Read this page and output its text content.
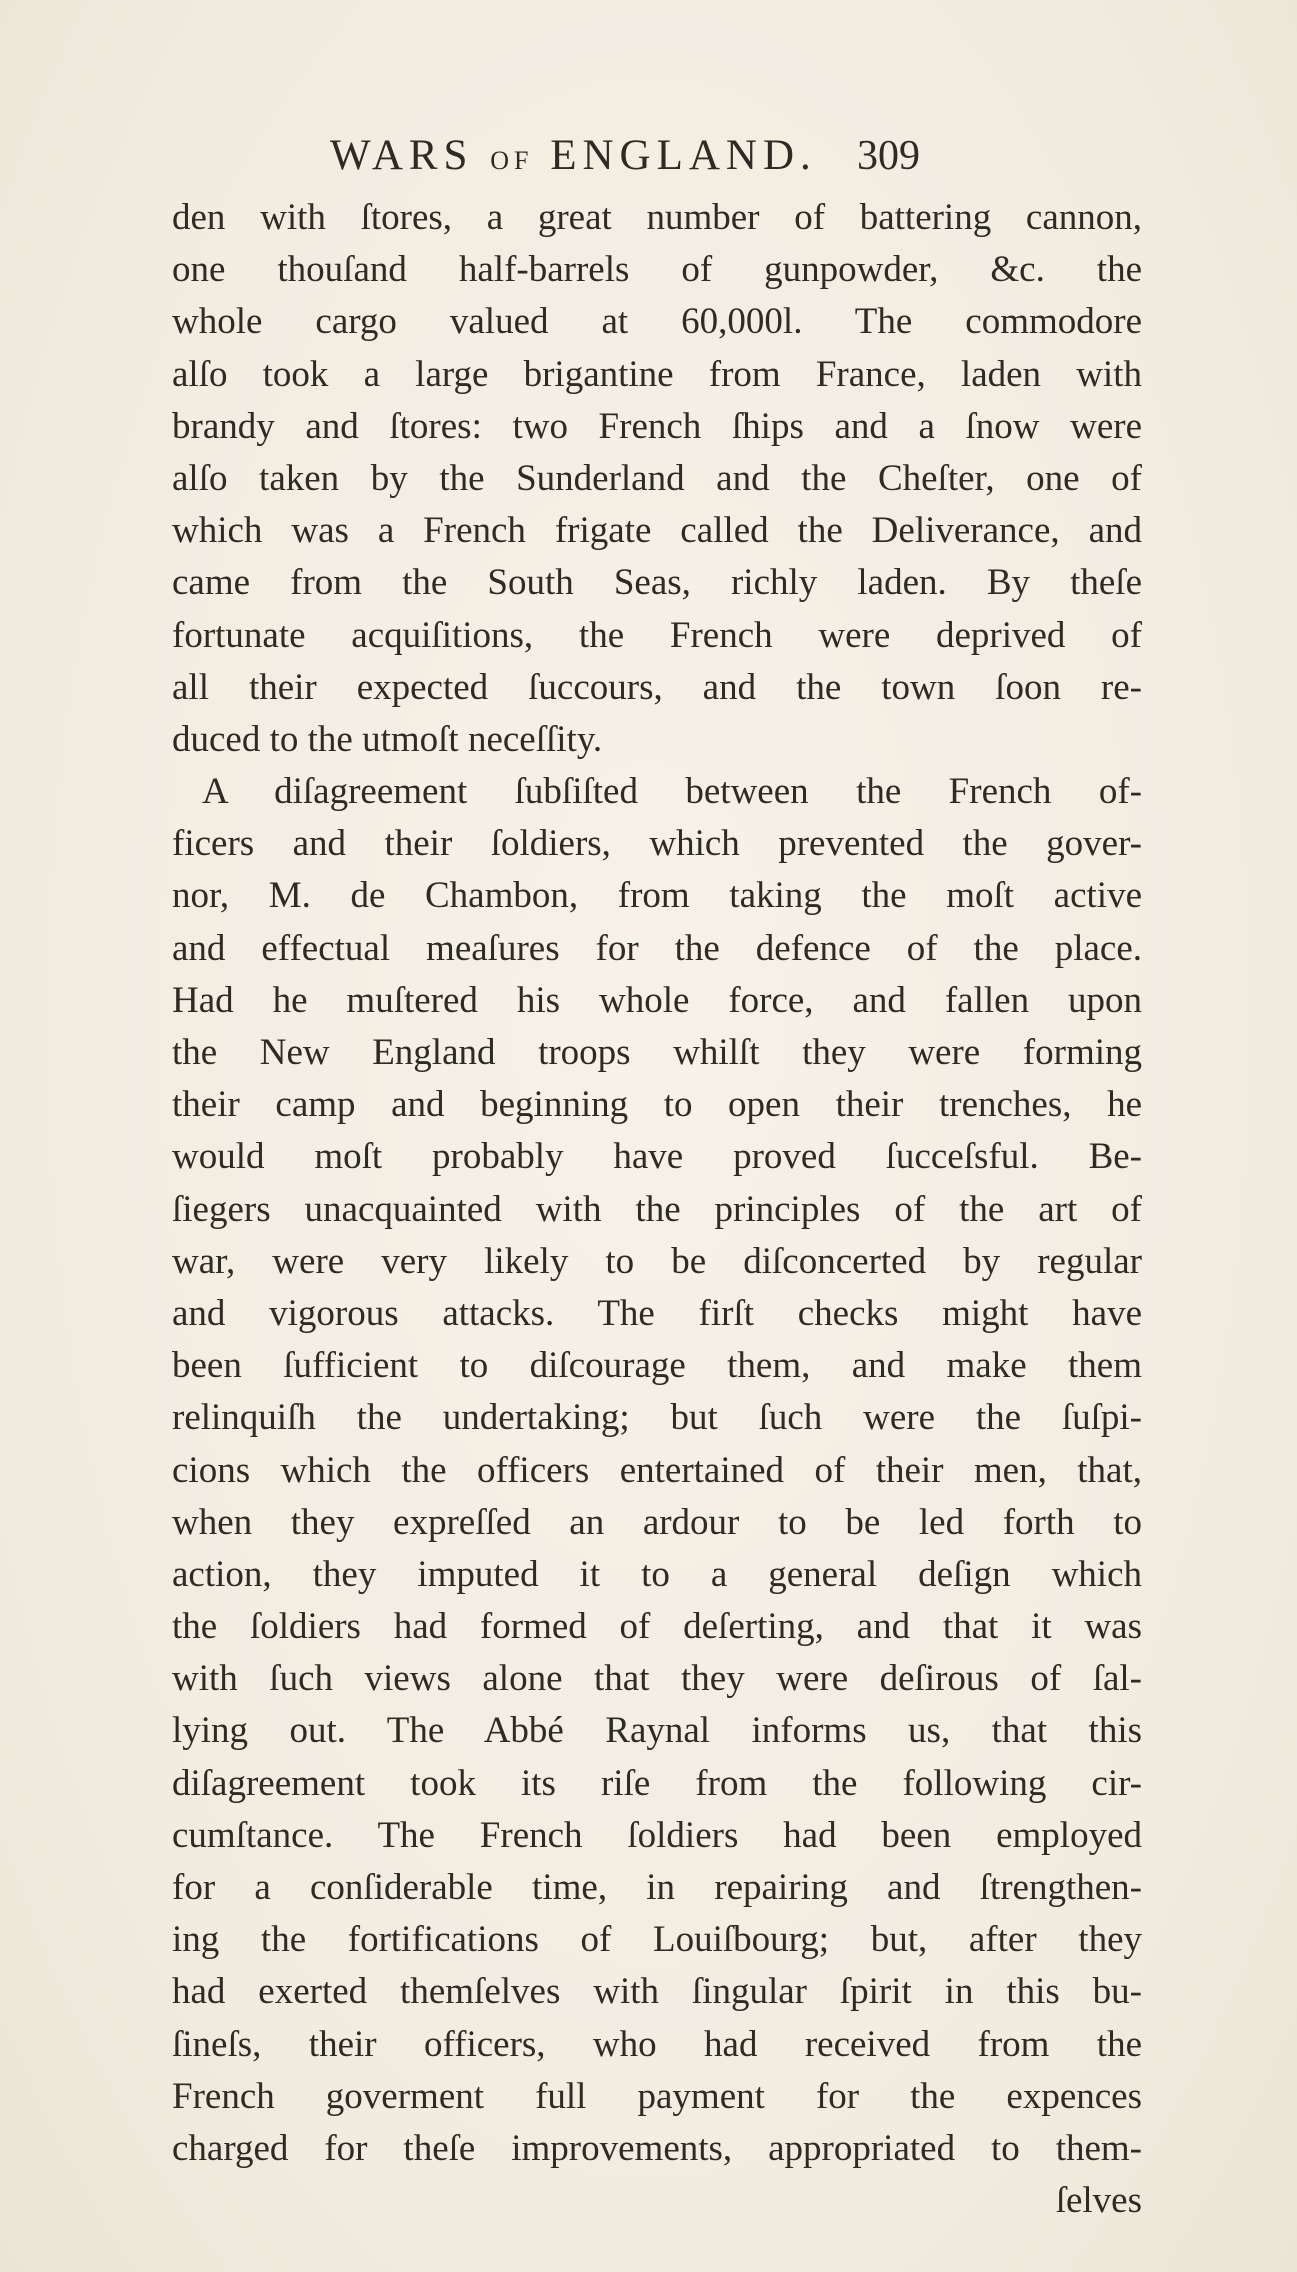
WARS OF ENGLAND. 309
den with ſtores, a great number of battering cannon,
one thouſand half-barrels of gunpowder, &c. the
whole cargo valued at 60,000l. The commodore
alſo took a large brigantine from France, laden with
brandy and ſtores: two French ſhips and a ſnow were
alſo taken by the Sunderland and the Cheſter, one of
which was a French frigate called the Deliverance, and
came from the South Seas, richly laden. By theſe
fortunate acquiſitions, the French were deprived of
all their expected ſuccours, and the town ſoon re-
duced to the utmoſt neceſſity.
A diſagreement ſubſiſted between the French of-
ficers and their ſoldiers, which prevented the gover-
nor, M. de Chambon, from taking the moſt active
and effectual meaſures for the defence of the place.
Had he muſtered his whole force, and fallen upon
the New England troops whilſt they were forming
their camp and beginning to open their trenches, he
would moſt probably have proved ſucceſsful. Be-
ſiegers unacquainted with the principles of the art of
war, were very likely to be diſconcerted by regular
and vigorous attacks. The firſt checks might have
been ſufficient to diſcourage them, and make them
relinquiſh the undertaking; but ſuch were the ſuſpi-
cions which the officers entertained of their men, that,
when they expreſſed an ardour to be led forth to
action, they imputed it to a general deſign which
the ſoldiers had formed of deſerting, and that it was
with ſuch views alone that they were deſirous of ſal-
lying out. The Abbé Raynal informs us, that this
diſagreement took its riſe from the following cir-
cumſtance. The French ſoldiers had been employed
for a conſiderable time, in repairing and ſtrengthen-
ing the fortifications of Louiſbourg; but, after they
had exerted themſelves with ſingular ſpirit in this bu-
ſineſs, their officers, who had received from the
French goverment full payment for the expences
charged for theſe improvements, appropriated to them-
ſelves
